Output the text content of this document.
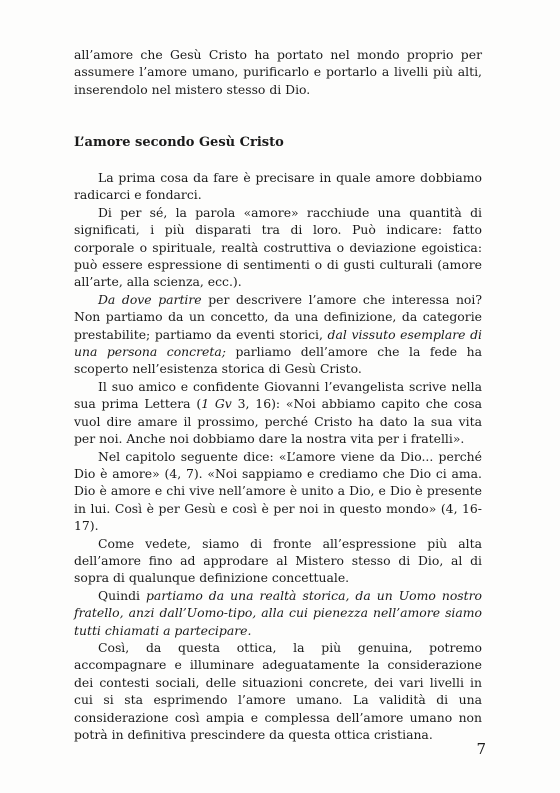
all’amore che Gesù Cristo ha portato nel mondo proprio per assumere l’amore umano, purificarlo e portarlo a livelli più alti, inserendolo nel mistero stesso di Dio.

L’amore secondo Gesù Cristo

La prima cosa da fare è precisare in quale amore dobbiamo radicarci e fondarci.

Di per sé, la parola «amore» racchiude una quantità di significati, i più disparati tra di loro. Può indicare: fatto corporale o spirituale, realtà costruttiva o deviazione egoistica: può essere espressione di sentimenti o di gusti culturali (amore all’arte, alla scienza, ecc.).

Da dove partire per descrivere l’amore che interessa noi? Non partiamo da un concetto, da una definizione, da categorie prestabilite; partiamo da eventi storici, dal vissuto esemplare di una persona concreta; parliamo dell’amore che la fede ha scoperto nell’esistenza storica di Gesù Cristo.

Il suo amico e confidente Giovanni l’evangelista scrive nella sua prima Lettera (1 Gv 3, 16): «Noi abbiamo capito che cosa vuol dire amare il prossimo, perché Cristo ha dato la sua vita per noi. Anche noi dobbiamo dare la nostra vita per i fratelli».

Nel capitolo seguente dice: «L’amore viene da Dio... perché Dio è amore» (4, 7). «Noi sappiamo e crediamo che Dio ci ama. Dio è amore e chi vive nell’amore è unito a Dio, e Dio è presente in lui. Così è per Gesù e così è per noi in questo mondo» (4, 16-17).

Come vedete, siamo di fronte all’espressione più alta dell’amore fino ad approdare al Mistero stesso di Dio, al di sopra di qualunque definizione concettuale.

Quindi partiamo da una realtà storica, da un Uomo nostro fratello, anzi dall’Uomo-tipo, alla cui pienezza nell’amore siamo tutti chiamati a partecipare.

Così, da questa ottica, la più genuina, potremo accompagnare e illuminare adeguatamente la considerazione dei contesti sociali, delle situazioni concrete, dei vari livelli in cui si sta esprimendo l’amore umano. La validità di una considerazione così ampia e complessa dell’amore umano non potrà in definitiva prescindere da questa ottica cristiana.

7
